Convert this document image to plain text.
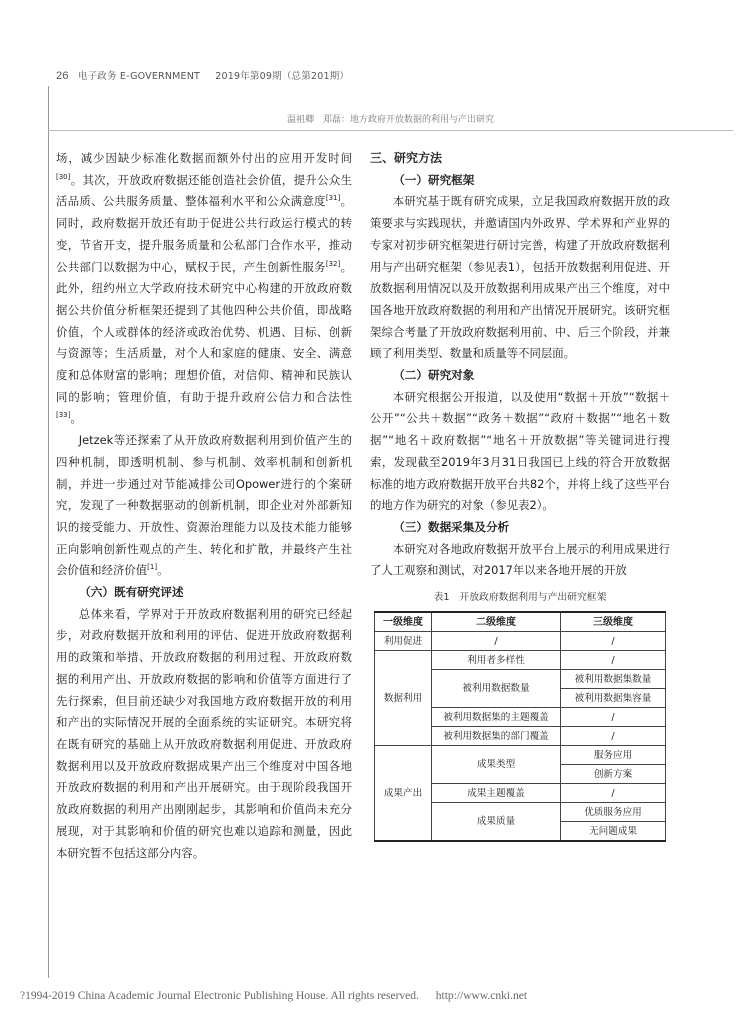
26 电子政务 E-GOVERNMENT 2019年第09期（总第201期）
温祖卿　郑磊：地方政府开放数据的利用与产出研究

场，减少因缺少标准化数据而额外付出的应用开发时间[30]。其次，开放政府数据还能创造社会价值，提升公众生活品质、公共服务质量、整体福利水平和公众满意度[31]。同时，政府数据开放还有助于促进公共行政运行模式的转变，节省开支，提升服务质量和公私部门合作水平，推动公共部门以数据为中心，赋权于民，产生创新性服务[32]。此外，纽约州立大学政府技术研究中心构建的开放政府数据公共价值分析框架还提到了其他四种公共价值，即战略价值，个人或群体的经济或政治优势、机遇、目标、创新与资源等；生活质量，对个人和家庭的健康、安全、满意度和总体财富的影响；理想价值，对信仰、精神和民族认同的影响；管理价值，有助于提升政府公信力和合法性[33]。

Jetzek等还探索了从开放政府数据利用到价值产生的四种机制，即透明机制、参与机制、效率机制和创新机制，并进一步通过对节能减排公司Opower进行的个案研究，发现了一种数据驱动的创新机制，即企业对外部新知识的接受能力、开放性、资源治理能力以及技术能力能够正向影响创新性观点的产生、转化和扩散，并最终产生社会价值和经济价值[1]。

（六）既有研究评述

总体来看，学界对于开放政府数据利用的研究已经起步，对政府数据开放和利用的评估、促进开放政府数据利用的政策和举措、开放政府数据的利用过程、开放政府数据的利用产出、开放政府数据的影响和价值等方面进行了先行探索，但目前还缺少对我国地方政府数据开放的利用和产出的实际情况开展的全面系统的实证研究。本研究将在既有研究的基础上从开放政府数据利用促进、开放政府数据利用以及开放政府数据成果产出三个维度对中国各地开放政府数据的利用和产出开展研究。由于现阶段我国开放政府数据的利用产出刚刚起步，其影响和价值尚未充分展现，对于其影响和价值的研究也难以追踪和测量，因此本研究暂不包括这部分内容。

三、研究方法
（一）研究框架

本研究基于既有研究成果，立足我国政府数据开放的政策要求与实践现状，并邀请国内外政界、学术界和产业界的专家对初步研究框架进行研讨完善，构建了开放政府数据利用与产出研究框架（参见表1），包括开放数据利用促进、开放数据利用情况以及开放数据利用成果产出三个维度，对中国各地开放政府数据的利用和产出情况开展研究。该研究框架综合考量了开放政府数据利用前、中、后三个阶段，并兼顾了利用类型、数量和质量等不同层面。

（二）研究对象

本研究根据公开报道，以及使用“数据＋开放”“数据＋公开”“公共＋数据”“政务＋数据”“政府＋数据”“地名＋数据”“地名＋政府数据”“地名＋开放数据”等关键词进行搜索，发现截至2019年3月31日我国已上线的符合开放数据标准的地方政府数据开放平台共82个，并将上线了这些平台的地方作为研究的对象（参见表2）。

（三）数据采集及分析

本研究对各地政府数据开放平台上展示的利用成果进行了人工观察和测试，对2017年以来各地开展的开放

表1　开放政府数据利用与产出研究框架
一级维度	二级维度	三级维度
利用促进	/	/
数据利用	利用者多样性	/
	被利用数据数量	被利用数据集数量
		被利用数据集容量
	被利用数据集的主题覆盖	/
	被利用数据集的部门覆盖	/
成果产出	成果类型	服务应用
		创新方案
	成果主题覆盖	/
	成果质量	优质服务应用
		无问题成果
?1994-2019 China Academic Journal Electronic Publishing House. All rights reserved. http://www.cnki.net
